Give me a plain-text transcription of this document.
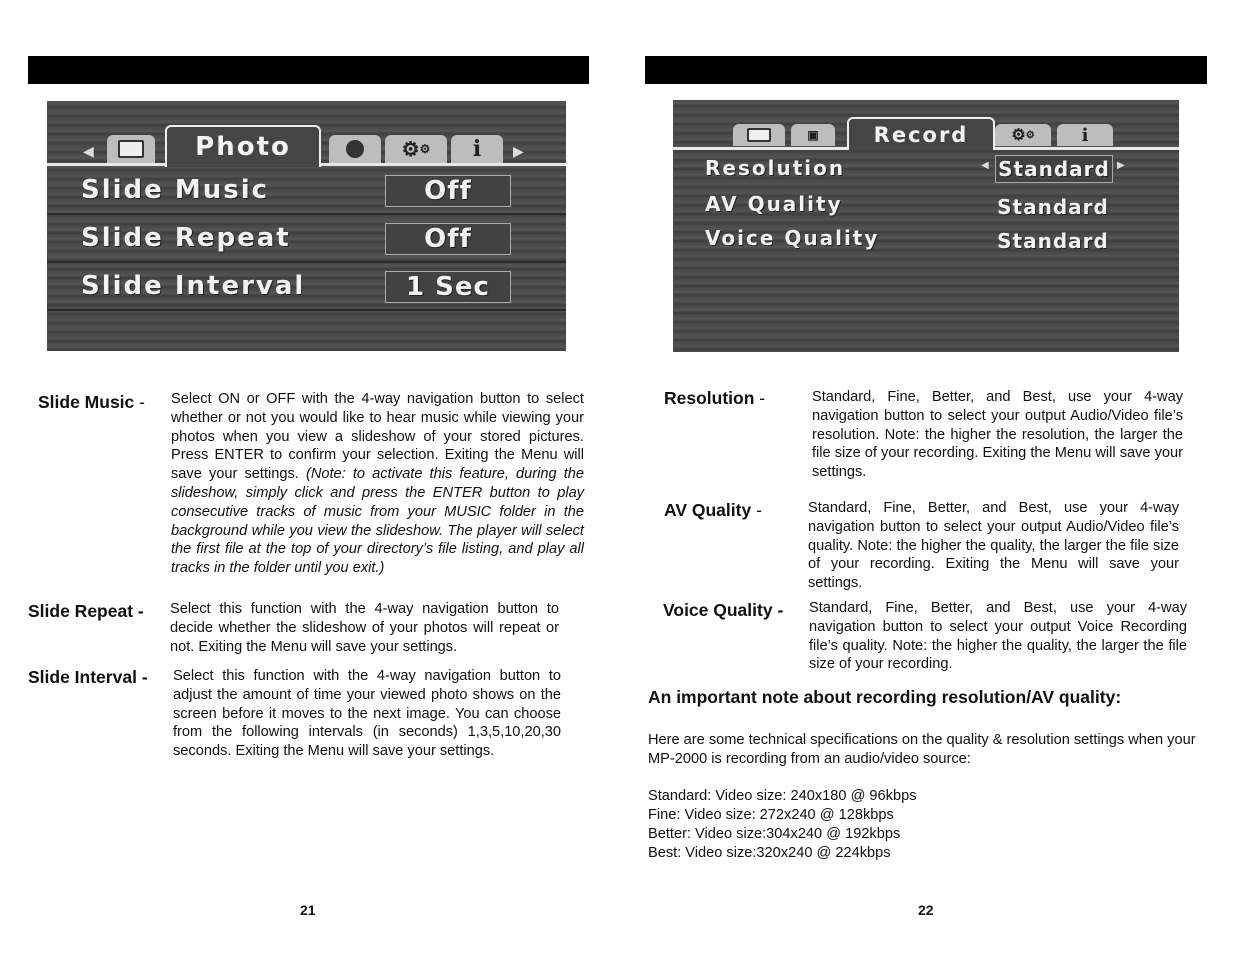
◀	Photo	⚙ ⚙	i	▶
Slide Music	Off
Slide Repeat	Off
Slide Interval	1 Sec
Slide Music - Select ON or OFF with the 4-way navigation button to select whether or not you would like to hear music while viewing your photos when you view a slideshow of your stored pictures. Press ENTER to confirm your selection. Exiting the Menu will save your settings. (Note: to activate this feature, during the slideshow, simply click and press the ENTER button to play consecutive tracks of music from your MUSIC folder in the background while you view the slideshow. The player will select the first file at the top of your directory’s file listing, and play all tracks in the folder until you exit.)
Slide Repeat - Select this function with the 4-way navigation button to decide whether the slideshow of your photos will repeat or not. Exiting the Menu will save your settings.
Slide Interval - Select this function with the 4-way navigation button to adjust the amount of time your viewed photo shows on the screen before it moves to the next image. You can choose from the following intervals (in seconds) 1,3,5,10,20,30 seconds. Exiting the Menu will save your settings.
21
▣	Record	⚙ ⚙	i
Resolution	◀ Standard ▶
AV Quality	Standard
Voice Quality	Standard
Resolution -	Standard, Fine, Better, and Best, use your 4-way navigation button to select your output Audio/Video file’s resolution. Note: the higher the resolution, the larger the file size of your recording. Exiting the Menu will save your settings.
AV Quality -	Standard, Fine, Better, and Best, use your 4-way navigation button to select your output Audio/Video file’s quality. Note: the higher the quality, the larger the file size of your recording. Exiting the Menu will save your settings.
Voice Quality - Standard, Fine, Better, and Best, use your 4-way navigation button to select your output Voice Recording file’s quality. Note: the higher the quality, the larger the file size of your recording.
An important note about recording resolution/AV quality:
Here are some technical specifications on the quality & resolution settings when your MP-2000 is recording from an audio/video source:
Standard: Video size: 240x180 @ 96kbps
Fine: Video size: 272x240 @ 128kbps
Better: Video size:304x240 @ 192kbps
Best: Video size:320x240 @ 224kbps
22
